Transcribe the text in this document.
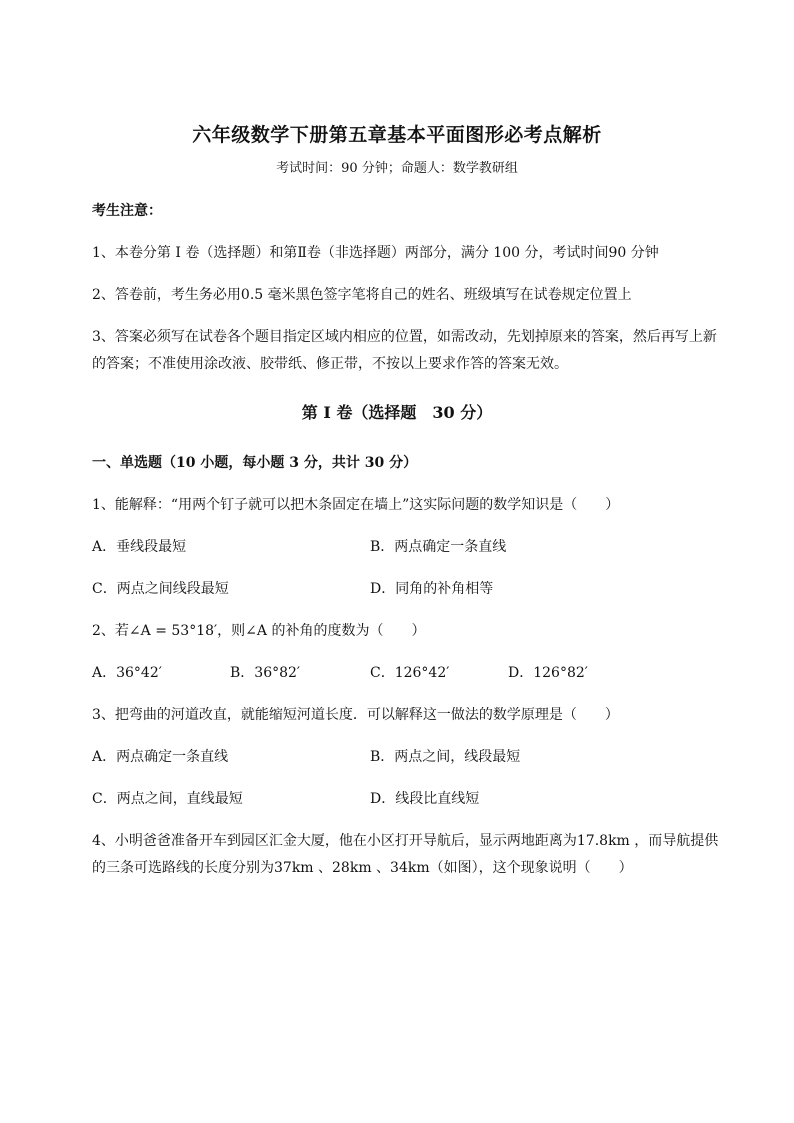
六年级数学下册第五章基本平面图形必考点解析
考试时间：90 分钟；命题人：数学教研组
考生注意：
1、本卷分第 I 卷（选择题）和第Ⅱ卷（非选择题）两部分，满分 100 分，考试时间90 分钟
2、答卷前，考生务必用0.5 毫米黑色签字笔将自己的姓名、班级填写在试卷规定位置上
3、答案必须写在试卷各个题目指定区域内相应的位置，如需改动，先划掉原来的答案，然后再写上新
的答案；不准使用涂改液、胶带纸、修正带，不按以上要求作答的答案无效。
第 I 卷（选择题　30 分）
一、单选题（10 小题，每小题 3 分，共计 30 分）
1、能解释：“用两个钉子就可以把木条固定在墙上”这实际问题的数学知识是（　　）
A．垂线段最短	B．两点确定一条直线
C．两点之间线段最短	D．同角的补角相等
2、若∠A = 53°18′，则∠A 的补角的度数为（　　）
A．36°42′	B．36°82′	C．126°42′	D．126°82′
3、把弯曲的河道改直，就能缩短河道长度．可以解释这一做法的数学原理是（　　）
A．两点确定一条直线	B．两点之间，线段最短
C．两点之间，直线最短	D．线段比直线短
4、小明爸爸准备开车到园区汇金大厦，他在小区打开导航后，显示两地距离为17.8km ，而导航提供
的三条可选路线的长度分别为37km 、28km 、34km（如图），这个现象说明（　　）
